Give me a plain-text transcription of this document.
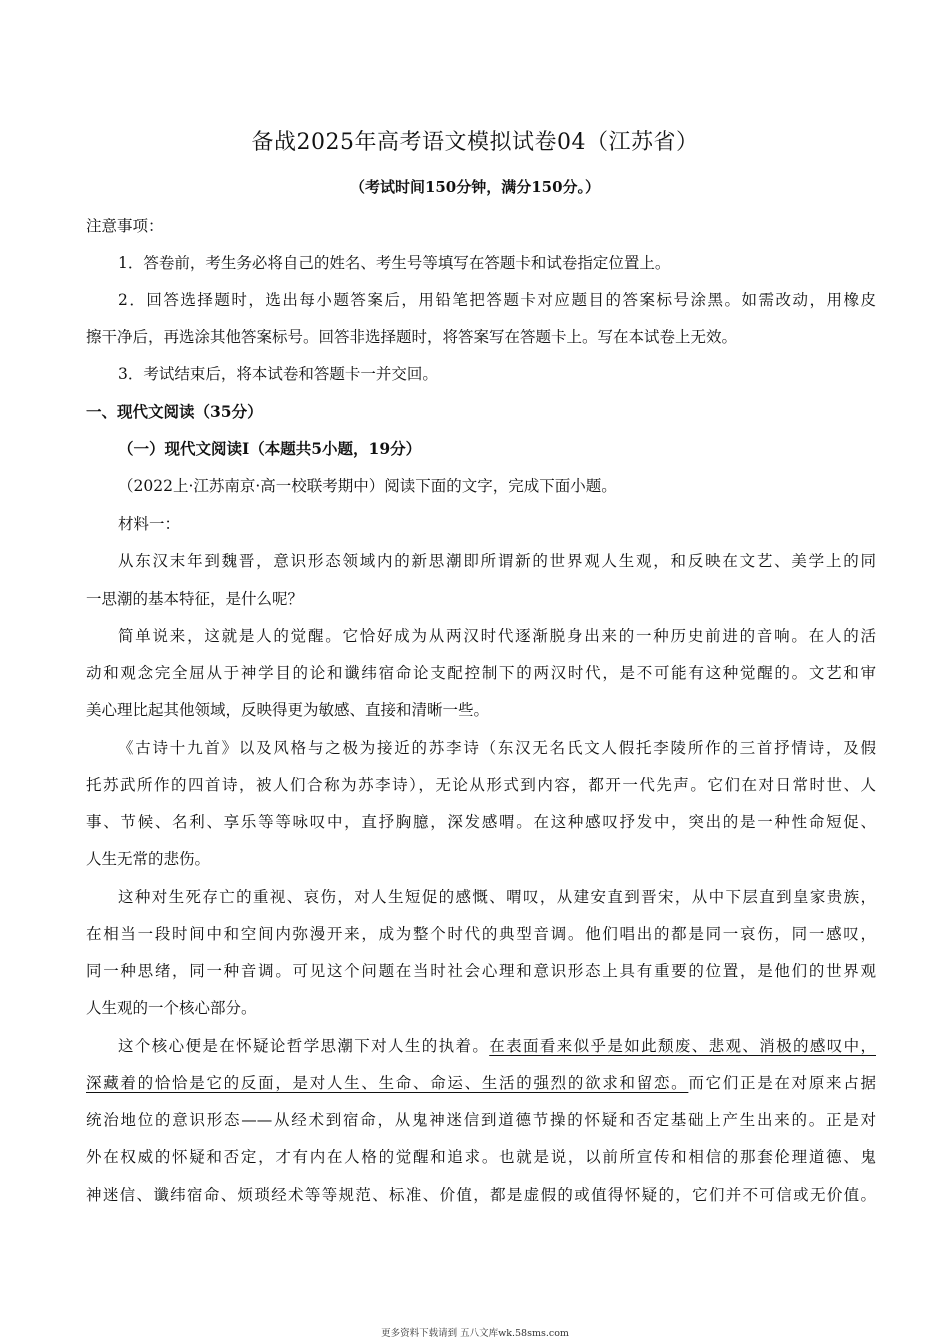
备战2025年高考语文模拟试卷04（江苏省）
（考试时间150分钟，满分150分。）
注意事项：
1．答卷前，考生务必将自己的姓名、考生号等填写在答题卡和试卷指定位置上。
2．回答选择题时，选出每小题答案后，用铅笔把答题卡对应题目的答案标号涂黑。如需改动，用橡皮
擦干净后，再选涂其他答案标号。回答非选择题时，将答案写在答题卡上。写在本试卷上无效。
3．考试结束后，将本试卷和答题卡一并交回。
一、现代文阅读（35分）
（一）现代文阅读Ⅰ（本题共5小题，19分）
（2022上·江苏南京·高一校联考期中）阅读下面的文字，完成下面小题。
材料一：
从东汉末年到魏晋，意识形态领域内的新思潮即所谓新的世界观人生观，和反映在文艺、美学上的同
一思潮的基本特征，是什么呢？
简单说来，这就是人的觉醒。它恰好成为从两汉时代逐渐脱身出来的一种历史前进的音响。在人的活
动和观念完全屈从于神学目的论和谶纬宿命论支配控制下的两汉时代，是不可能有这种觉醒的。文艺和审
美心理比起其他领域，反映得更为敏感、直接和清晰一些。
《古诗十九首》以及风格与之极为接近的苏李诗（东汉无名氏文人假托李陵所作的三首抒情诗，及假
托苏武所作的四首诗，被人们合称为苏李诗），无论从形式到内容，都开一代先声。它们在对日常时世、人
事、节候、名利、享乐等等咏叹中，直抒胸臆，深发感喟。在这种感叹抒发中，突出的是一种性命短促、
人生无常的悲伤。
这种对生死存亡的重视、哀伤，对人生短促的感慨、喟叹，从建安直到晋宋，从中下层直到皇家贵族，
在相当一段时间中和空间内弥漫开来，成为整个时代的典型音调。他们唱出的都是同一哀伤，同一感叹，
同一种思绪，同一种音调。可见这个问题在当时社会心理和意识形态上具有重要的位置，是他们的世界观
人生观的一个核心部分。
这个核心便是在怀疑论哲学思潮下对人生的执着。在表面看来似乎是如此颓废、悲观、消极的感叹中，
深藏着的恰恰是它的反面，是对人生、生命、命运、生活的强烈的欲求和留恋。而它们正是在对原来占据
统治地位的意识形态——从经术到宿命，从鬼神迷信到道德节操的怀疑和否定基础上产生出来的。正是对
外在权威的怀疑和否定，才有内在人格的觉醒和追求。也就是说，以前所宣传和相信的那套伦理道德、鬼
神迷信、谶纬宿命、烦琐经术等等规范、标准、价值，都是虚假的或值得怀疑的，它们并不可信或无价值。
更多资料下载请到 五八文库wk.58sms.com
